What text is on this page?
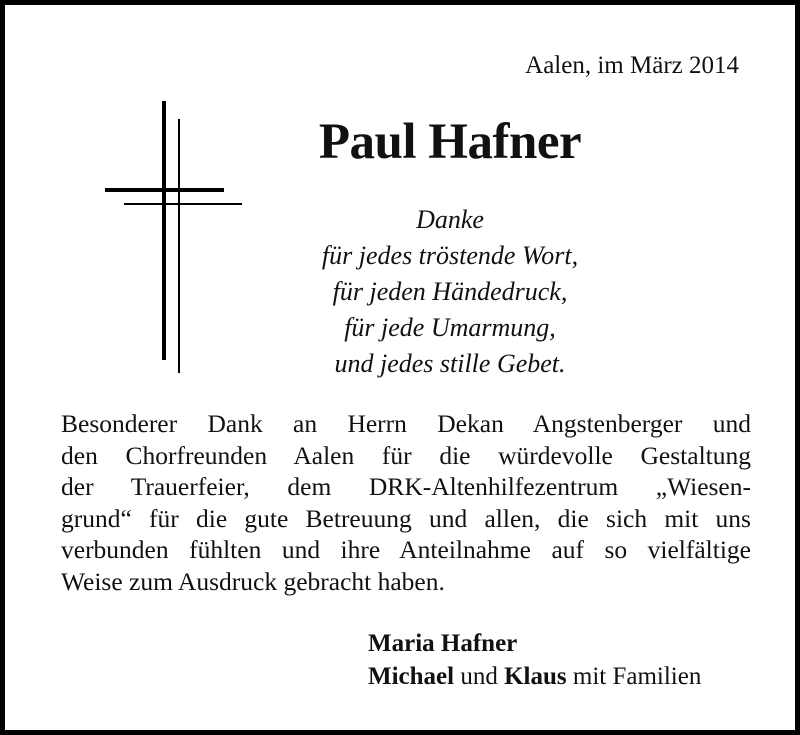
Aalen, im März 2014
Paul Hafner
Danke
für jedes tröstende Wort,
für jeden Händedruck,
für jede Umarmung,
und jedes stille Gebet.
Besonderer Dank an Herrn Dekan Angstenberger und
den Chorfreunden Aalen für die würdevolle Gestaltung
der Trauerfeier, dem DRK-Altenhilfezentrum „Wiesen-
grund“ für die gute Betreuung und allen, die sich mit uns
verbunden fühlten und ihre Anteilnahme auf so vielfältige
Weise zum Ausdruck gebracht haben.
Maria Hafner
Michael und Klaus mit Familien
